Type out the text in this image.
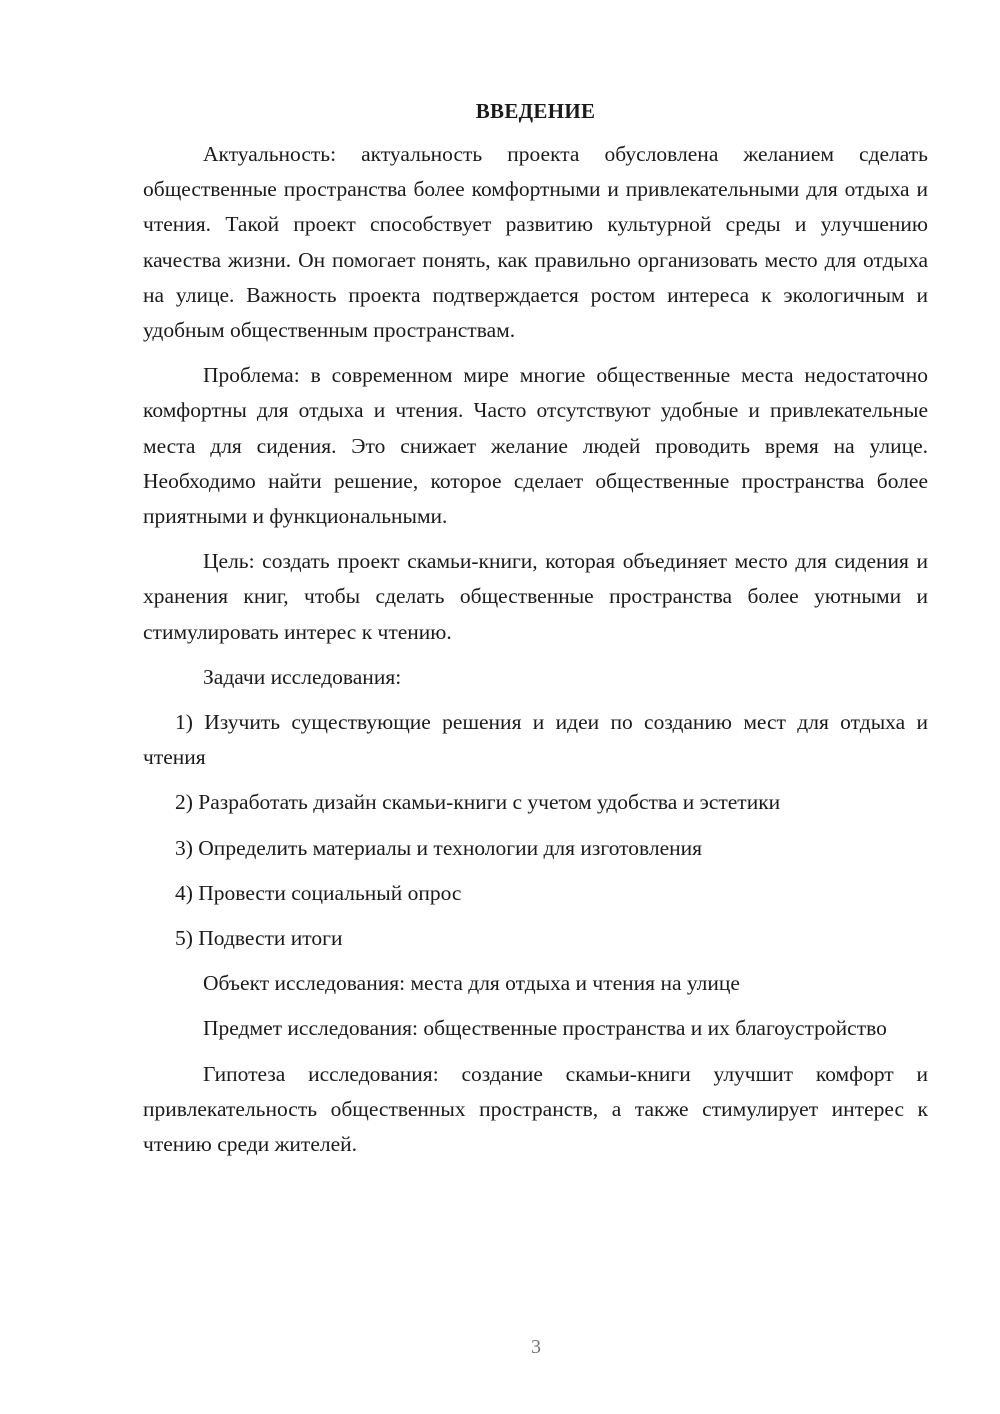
ВВЕДЕНИЕ

Актуальность: актуальность проекта обусловлена желанием сделать общественные пространства более комфортными и привлекательными для отдыха и чтения. Такой проект способствует развитию культурной среды и улучшению качества жизни. Он помогает понять, как правильно организовать место для отдыха на улице. Важность проекта подтверждается ростом интереса к экологичным и удобным общественным пространствам.

Проблема: в современном мире многие общественные места недостаточно комфортны для отдыха и чтения. Часто отсутствуют удобные и привлекательные места для сидения. Это снижает желание людей проводить время на улице. Необходимо найти решение, которое сделает общественные пространства более приятными и функциональными.

Цель: создать проект скамьи-книги, которая объединяет место для сидения и хранения книг, чтобы сделать общественные пространства более уютными и стимулировать интерес к чтению.

Задачи исследования:

1) Изучить существующие решения и идеи по созданию мест для отдыха и чтения

2) Разработать дизайн скамьи-книги с учетом удобства и эстетики

3) Определить материалы и технологии для изготовления

4) Провести социальный опрос

5) Подвести итоги

Объект исследования: места для отдыха и чтения на улице

Предмет исследования: общественные пространства и их благоустройство

Гипотеза исследования: создание скамьи-книги улучшит комфорт и привлекательность общественных пространств, а также стимулирует интерес к чтению среди жителей.

3
